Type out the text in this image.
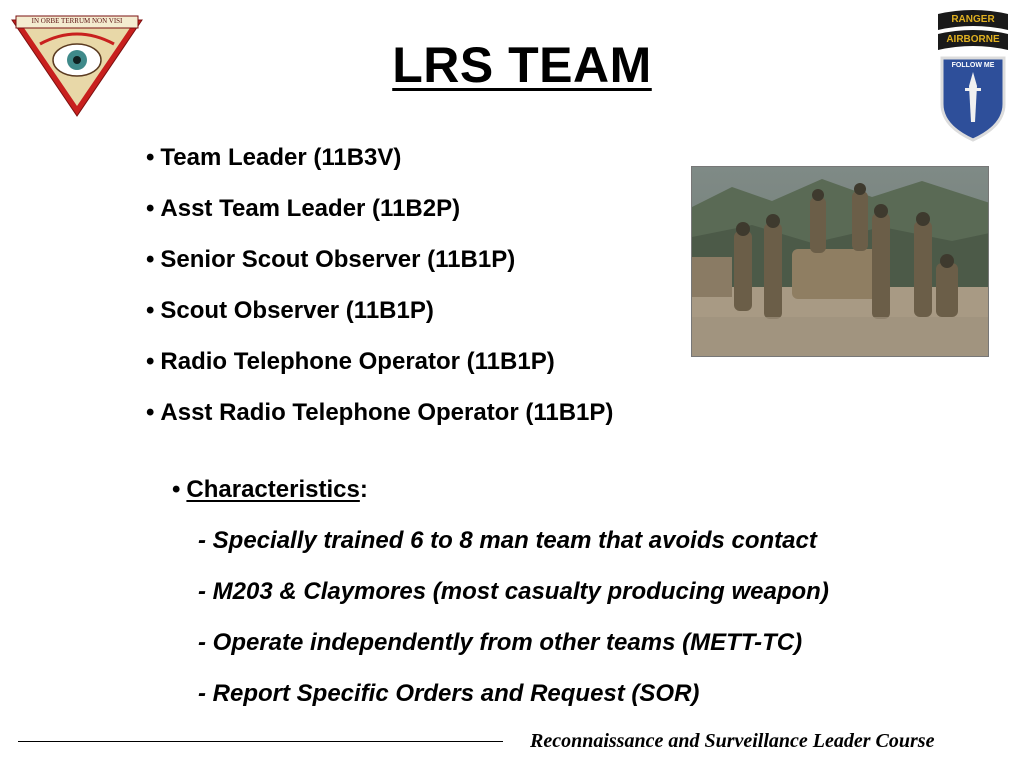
IN ORBE TERRUM NON VISI	RANGER
AIRBORNE
FOLLOW ME
LRS TEAM
• Team Leader (11B3V)
• Asst Team Leader (11B2P)
• Senior Scout Observer (11B1P)
• Scout Observer (11B1P)
• Radio Telephone Operator (11B1P)
• Asst Radio Telephone Operator (11B1P)
• Characteristics:
- Specially trained 6 to 8 man team that avoids contact
- M203 & Claymores (most casualty producing weapon)
- Operate independently from other teams (METT-TC)
- Report Specific Orders and Request (SOR)
Reconnaissance and Surveillance Leader Course
